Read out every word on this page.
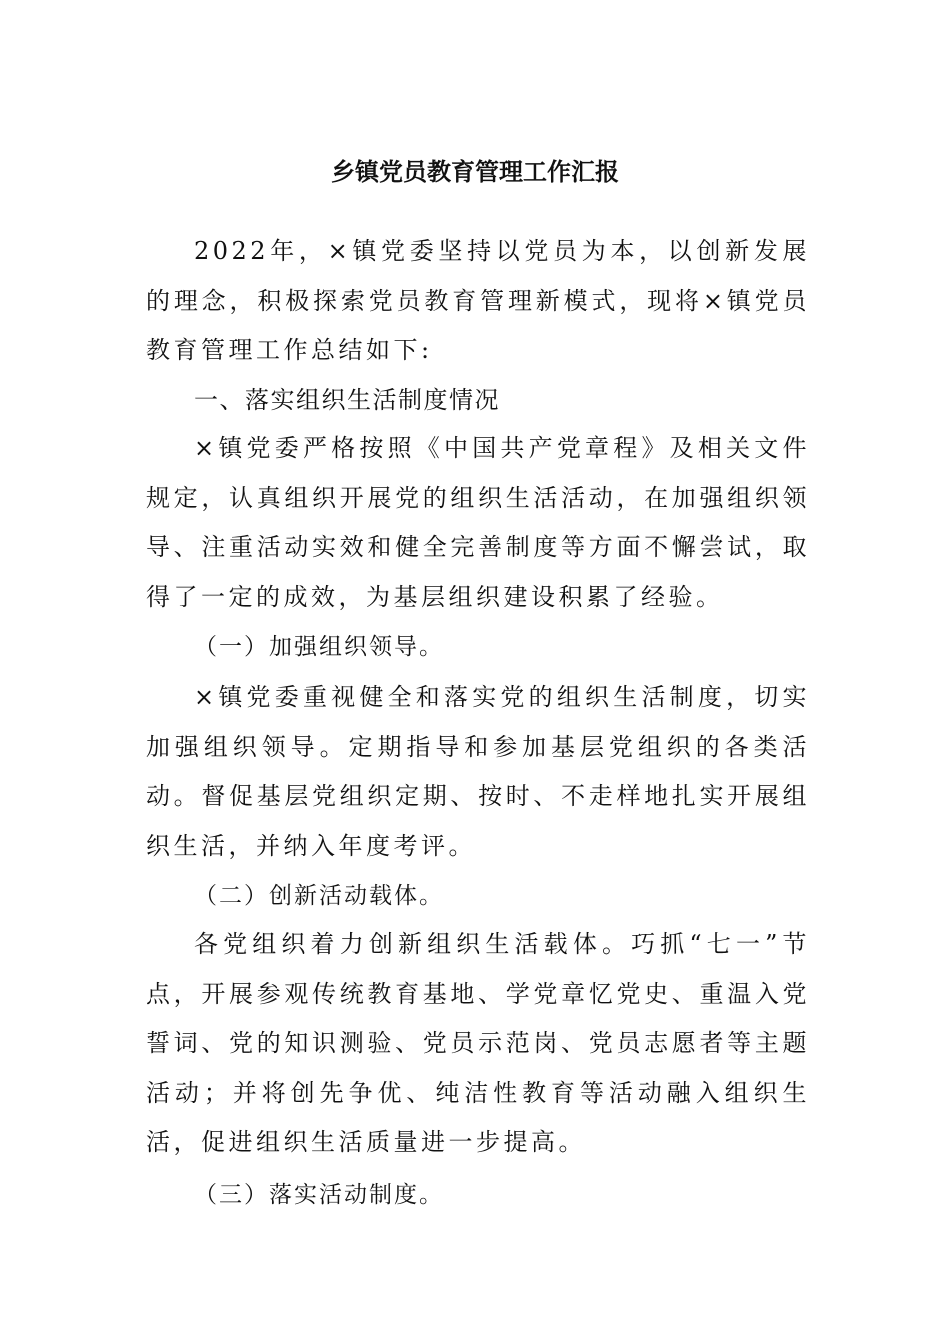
乡镇党员教育管理工作汇报
2022年，×镇党委坚持以党员为本，以创新发展的理念，积极探索党员教育管理新模式，现将×镇党员教育管理工作总结如下:
一、落实组织生活制度情况
×镇党委严格按照《中国共产党章程》及相关文件规定，认真组织开展党的组织生活活动，在加强组织领导、注重活动实效和健全完善制度等方面不懈尝试，取得了一定的成效，为基层组织建设积累了经验。
（一）加强组织领导。
×镇党委重视健全和落实党的组织生活制度，切实加强组织领导。定期指导和参加基层党组织的各类活动。督促基层党组织定期、按时、不走样地扎实开展组织生活，并纳入年度考评。
（二）创新活动载体。
各党组织着力创新组织生活载体。巧抓“七一”节点，开展参观传统教育基地、学党章忆党史、重温入党誓词、党的知识测验、党员示范岗、党员志愿者等主题活动；并将创先争优、纯洁性教育等活动融入组织生活，促进组织生活质量进一步提高。
（三）落实活动制度。
